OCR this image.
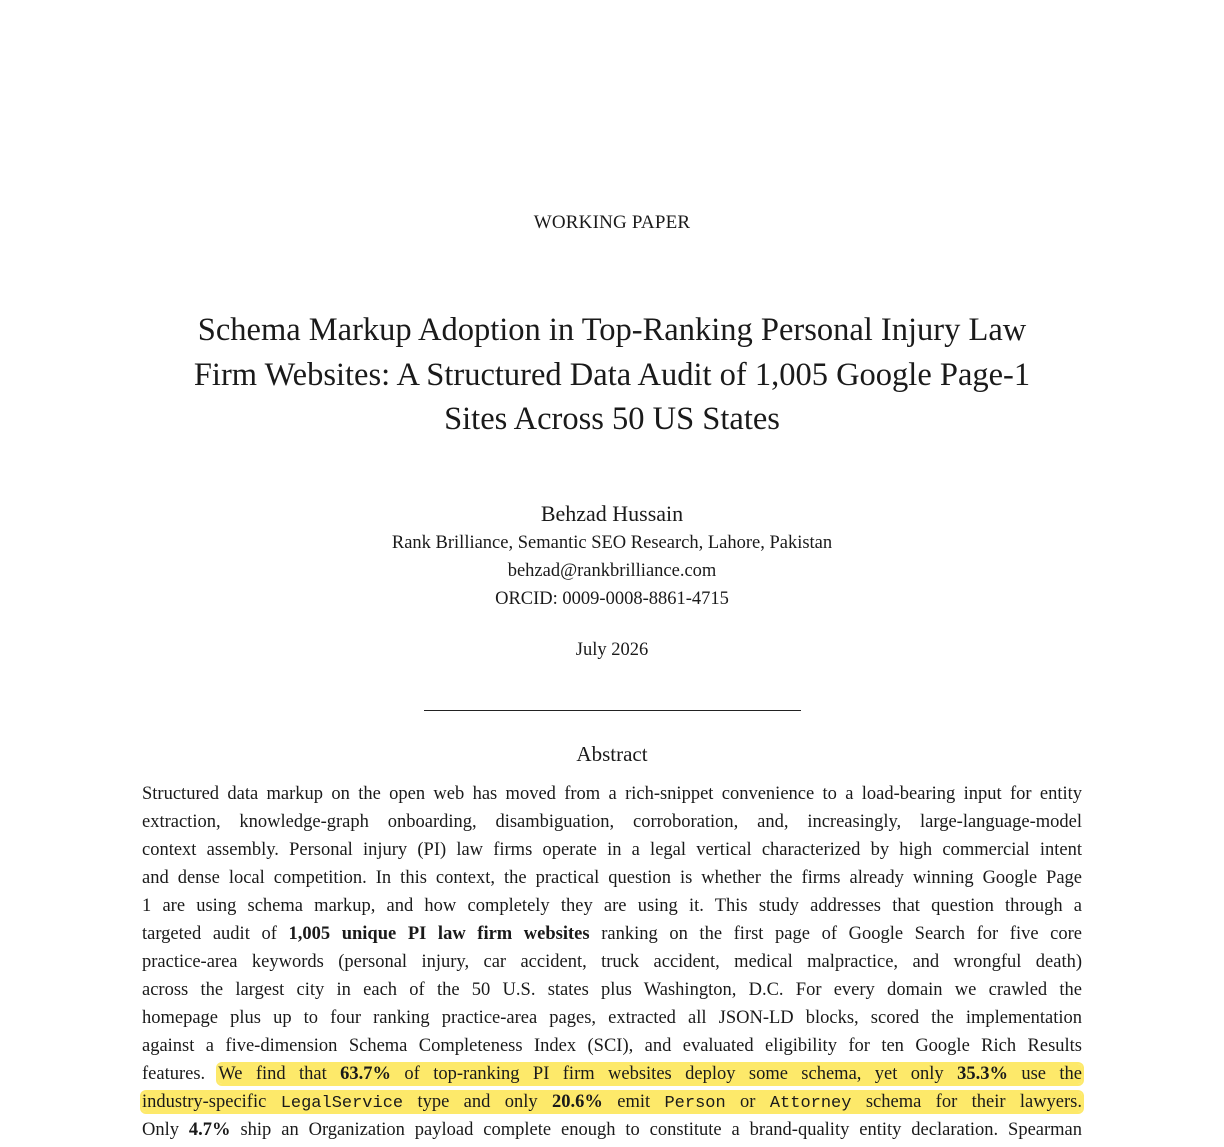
WORKING PAPER
Schema Markup Adoption in Top-Ranking Personal Injury Law
Firm Websites: A Structured Data Audit of 1,005 Google Page-1
Sites Across 50 US States
Behzad Hussain
Rank Brilliance, Semantic SEO Research, Lahore, Pakistan
behzad@rankbrilliance.com
ORCID: 0009-0008-8861-4715
July 2026
Abstract
Structured data markup on the open web has moved from a rich-snippet convenience to a load-bearing input for entity
extraction, knowledge-graph onboarding, disambiguation, corroboration, and, increasingly, large-language-model
context assembly. Personal injury (PI) law firms operate in a legal vertical characterized by high commercial intent
and dense local competition. In this context, the practical question is whether the firms already winning Google Page
1 are using schema markup, and how completely they are using it. This study addresses that question through a
targeted audit of 1,005 unique PI law firm websites ranking on the first page of Google Search for five core
practice-area keywords (personal injury, car accident, truck accident, medical malpractice, and wrongful death)
across the largest city in each of the 50 U.S. states plus Washington, D.C. For every domain we crawled the
homepage plus up to four ranking practice-area pages, extracted all JSON-LD blocks, scored the implementation
against a five-dimension Schema Completeness Index (SCI), and evaluated eligibility for ten Google Rich Results
features. We find that 63.7% of top-ranking PI firm websites deploy some schema, yet only 35.3% use the
industry-specific LegalService type and only 20.6% emit Person or Attorney schema for their lawyers.
Only 4.7% ship an Organization payload complete enough to constitute a brand-quality entity declaration. Spearman
